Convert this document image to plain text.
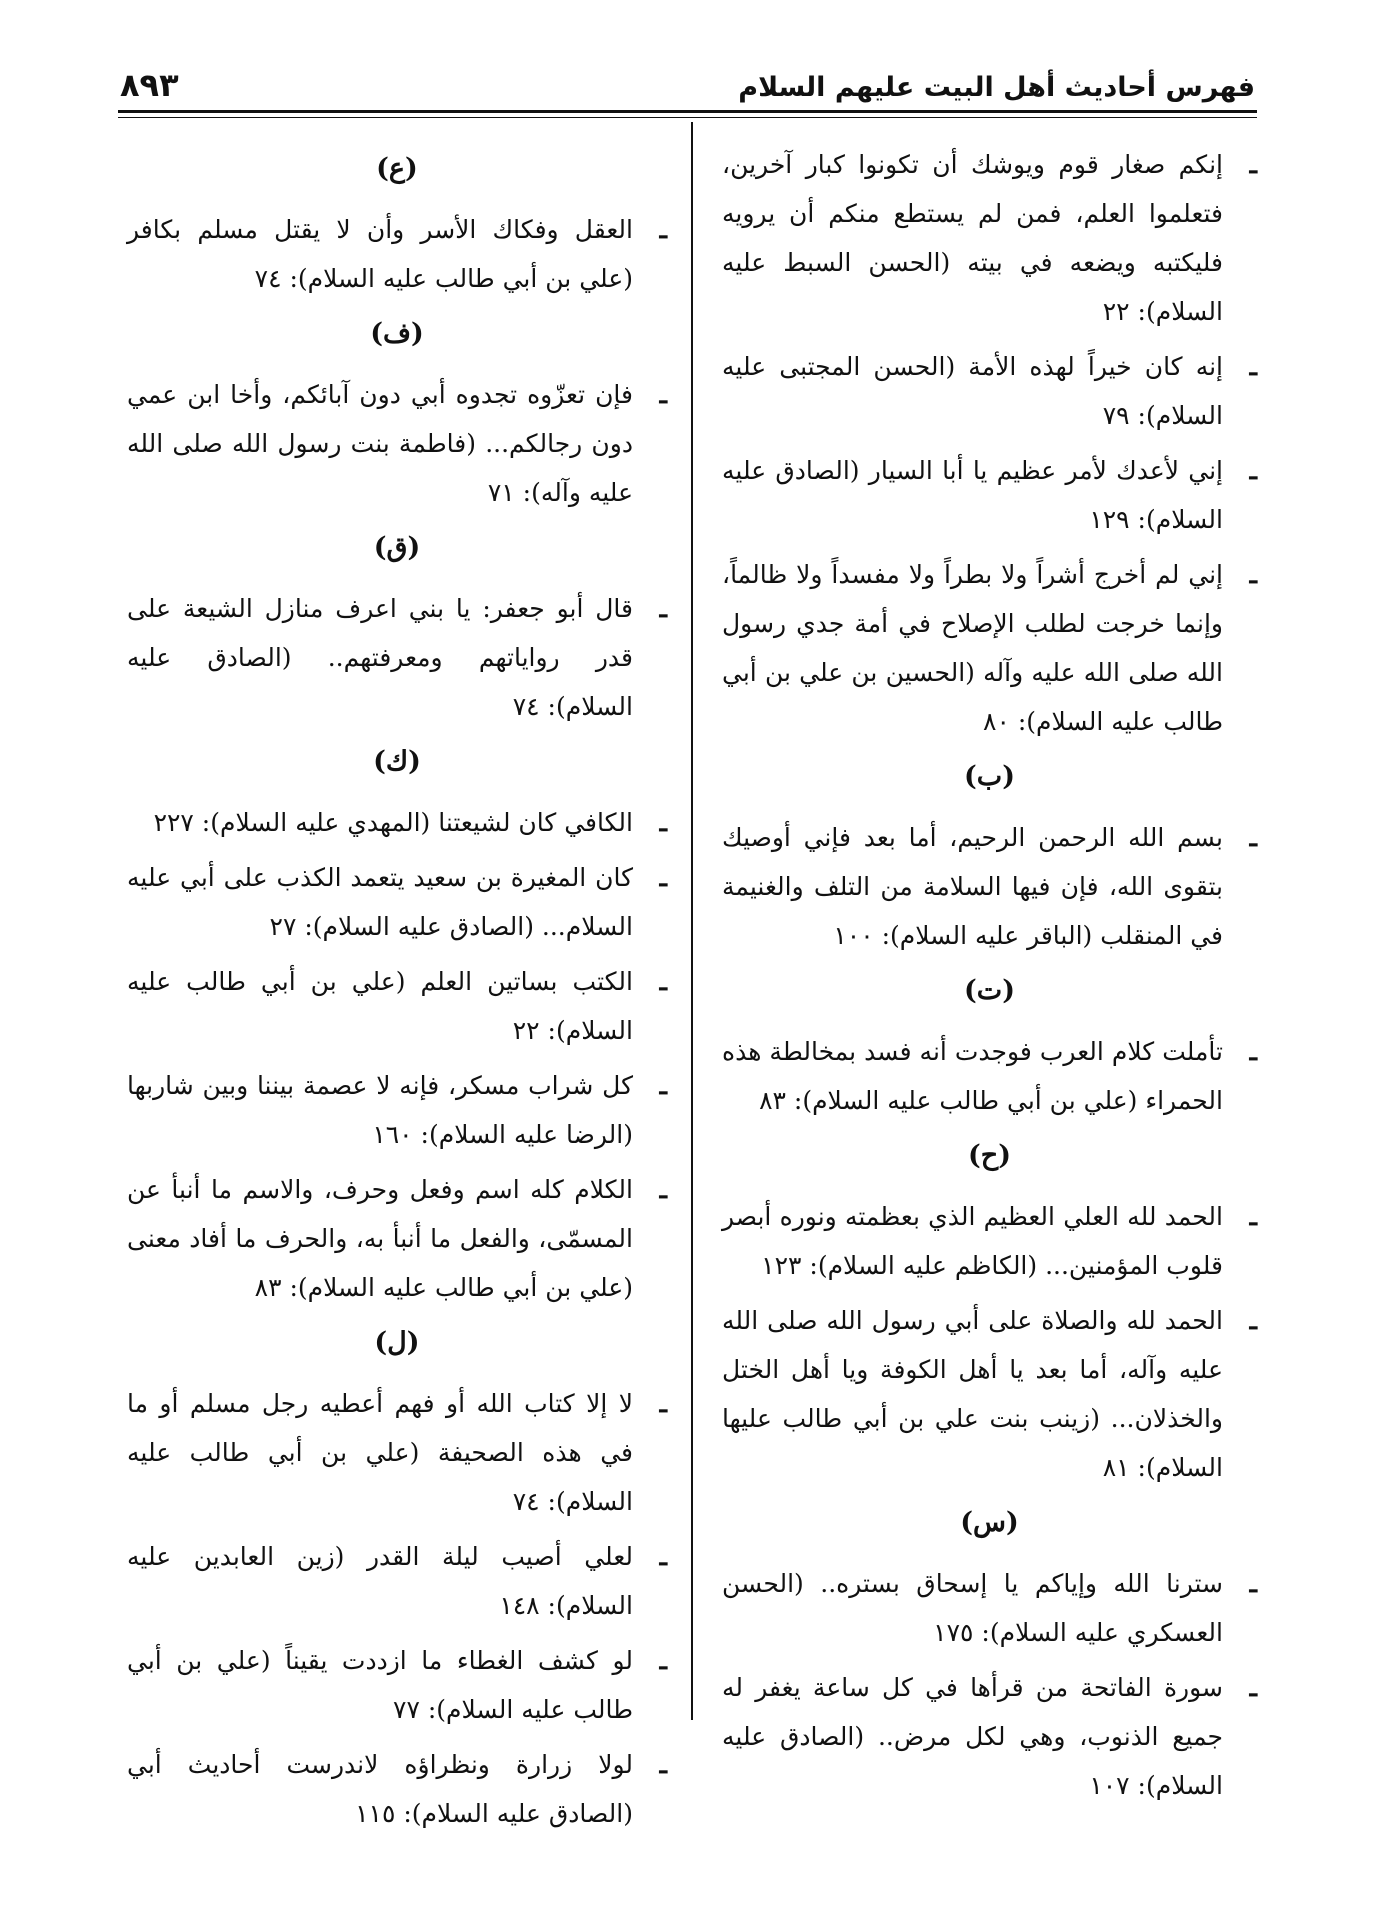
فهرس أحاديث أهل البيت عليهم السلام
٨٩٣
ـ
إنكم صغار قوم ويوشك أن تكونوا كبار آخرين، فتعلموا العلم، فمن لم يستطع منكم أن يرويه فليكتبه ويضعه في بيته (الحسن السبط عليه السلام): ٢٢
ـ
إنه كان خيراً لهذه الأمة (الحسن المجتبى عليه السلام): ٧٩
ـ
إني لأعدك لأمر عظيم يا أبا السيار (الصادق عليه السلام): ١٢٩
ـ
إني لم أخرج أشراً ولا بطراً ولا مفسداً ولا ظالماً، وإنما خرجت لطلب الإصلاح في أمة جدي رسول الله صلى الله عليه وآله (الحسين بن علي بن أبي طالب عليه السلام): ٨٠
(ب)
ـ
بسم الله الرحمن الرحيم، أما بعد فإني أوصيك بتقوى الله، فإن فيها السلامة من التلف والغنيمة في المنقلب (الباقر عليه السلام): ١٠٠
(ت)
ـ
تأملت كلام العرب فوجدت أنه فسد بمخالطة هذه الحمراء (علي بن أبي طالب عليه السلام): ٨٣
(ح)
ـ
الحمد لله العلي العظيم الذي بعظمته ونوره أبصر قلوب المؤمنين... (الكاظم عليه السلام): ١٢٣
ـ
الحمد لله والصلاة على أبي رسول الله صلى الله عليه وآله، أما بعد يا أهل الكوفة ويا أهل الختل والخذلان... (زينب بنت علي بن أبي طالب عليها السلام): ٨١
(س)
ـ
سترنا الله وإياكم يا إسحاق بستره.. (الحسن العسكري عليه السلام): ١٧٥
ـ
سورة الفاتحة من قرأها في كل ساعة يغفر له جميع الذنوب، وهي لكل مرض.. (الصادق عليه السلام): ١٠٧
(ع)
ـ
العقل وفكاك الأسر وأن لا يقتل مسلم بكافر (علي بن أبي طالب عليه السلام): ٧٤
(ف)
ـ
فإن تعزّوه تجدوه أبي دون آبائكم، وأخا ابن عمي دون رجالكم... (فاطمة بنت رسول الله صلى الله عليه وآله): ٧١
(ق)
ـ
قال أبو جعفر: يا بني اعرف منازل الشيعة على قدر رواياتهم ومعرفتهم.. (الصادق عليه السلام): ٧٤
(ك)
ـ
الكافي كان لشيعتنا (المهدي عليه السلام): ٢٢٧
ـ
كان المغيرة بن سعيد يتعمد الكذب على أبي عليه السلام... (الصادق عليه السلام): ٢٧
ـ
الكتب بساتين العلم (علي بن أبي طالب عليه السلام): ٢٢
ـ
كل شراب مسكر، فإنه لا عصمة بيننا وبين شاربها (الرضا عليه السلام): ١٦٠
ـ
الكلام كله اسم وفعل وحرف، والاسم ما أنبأ عن المسمّى، والفعل ما أنبأ به، والحرف ما أفاد معنى (علي بن أبي طالب عليه السلام): ٨٣
(ل)
ـ
لا إلا كتاب الله أو فهم أعطيه رجل مسلم أو ما في هذه الصحيفة (علي بن أبي طالب عليه السلام): ٧٤
ـ
لعلي أصيب ليلة القدر (زين العابدين عليه السلام): ١٤٨
ـ
لو كشف الغطاء ما ازددت يقيناً (علي بن أبي طالب عليه السلام): ٧٧
ـ
لولا زرارة ونظراؤه لاندرست أحاديث أبي (الصادق عليه السلام): ١١٥
